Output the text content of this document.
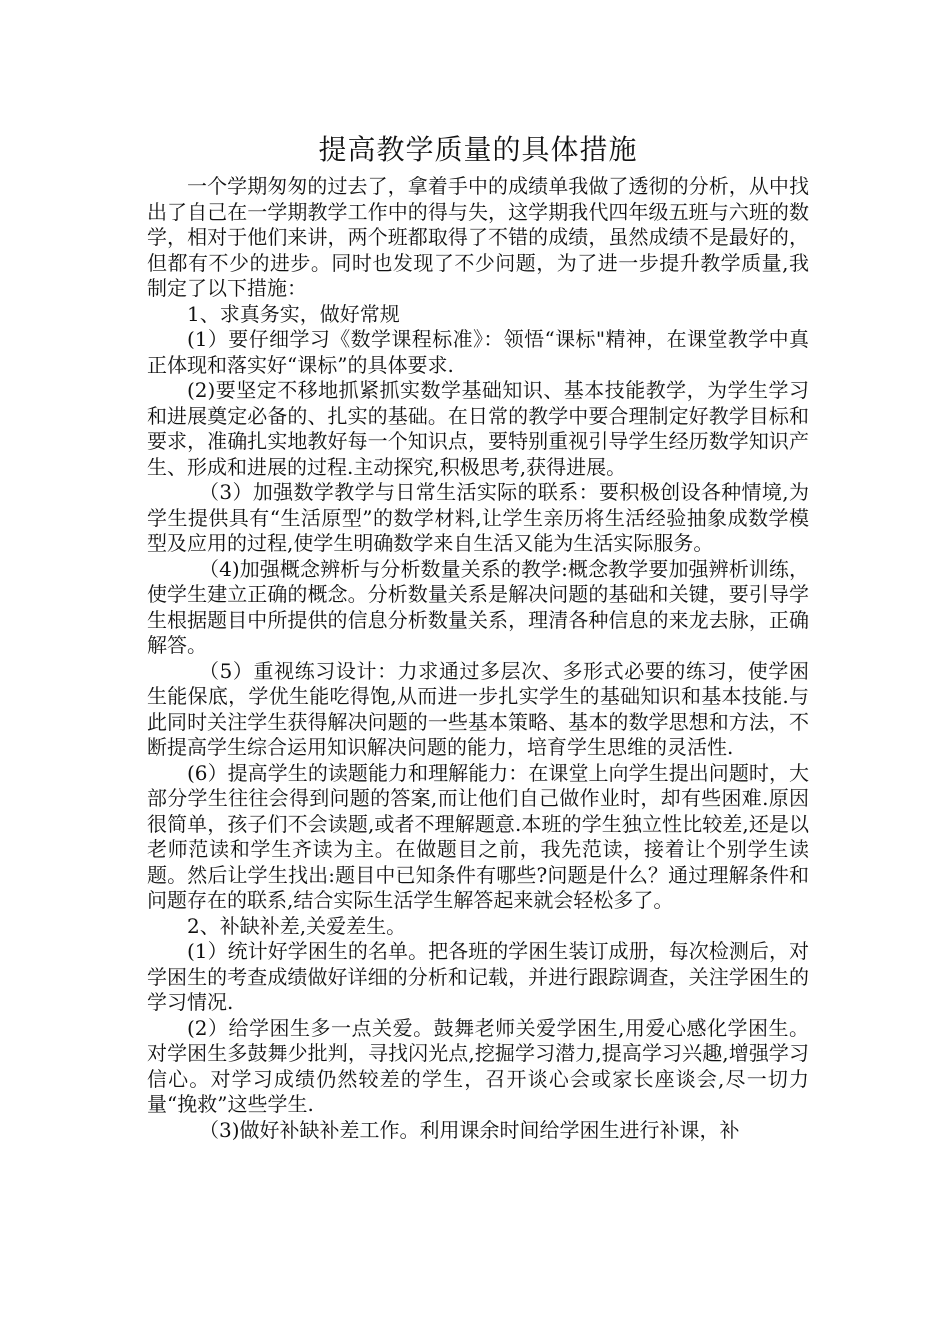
提高教学质量的具体措施

一个学期匆匆的过去了，拿着手中的成绩单我做了透彻的分析，从中找出了自己在一学期教学工作中的得与失，这学期我代四年级五班与六班的数学，相对于他们来讲，两个班都取得了不错的成绩，虽然成绩不是最好的，但都有不少的进步。同时也发现了不少问题，为了进一步提升教学质量,我制定了以下措施：

1、求真务实，做好常规

(1）要仔细学习《数学课程标准》：领悟“课标"精神，在课堂教学中真正体现和落实好“课标”的具体要求.

(2)要坚定不移地抓紧抓实数学基础知识、基本技能教学，为学生学习和进展奠定必备的、扎实的基础。在日常的教学中要合理制定好教学目标和要求，准确扎实地教好每一个知识点，要特别重视引导学生经历数学知识产生、形成和进展的过程.主动探究,积极思考,获得进展。

（3）加强数学教学与日常生活实际的联系：要积极创设各种情境,为学生提供具有“生活原型”的数学材料,让学生亲历将生活经验抽象成数学模型及应用的过程,使学生明确数学来自生活又能为生活实际服务。

（4)加强概念辨析与分析数量关系的教学:概念教学要加强辨析训练，使学生建立正确的概念。分析数量关系是解决问题的基础和关键，要引导学生根据题目中所提供的信息分析数量关系，理清各种信息的来龙去脉，正确解答。

（5）重视练习设计：力求通过多层次、多形式必要的练习，使学困生能保底，学优生能吃得饱,从而进一步扎实学生的基础知识和基本技能.与此同时关注学生获得解决问题的一些基本策略、基本的数学思想和方法，不断提高学生综合运用知识解决问题的能力，培育学生思维的灵活性.

(6）提高学生的读题能力和理解能力：在课堂上向学生提出问题时，大部分学生往往会得到问题的答案,而让他们自己做作业时，却有些困难.原因很简单，孩子们不会读题,或者不理解题意.本班的学生独立性比较差,还是以老师范读和学生齐读为主。在做题目之前，我先范读，接着让个别学生读题。然后让学生找出:题目中已知条件有哪些?问题是什么？通过理解条件和问题存在的联系,结合实际生活学生解答起来就会轻松多了。

2、补缺补差,关爱差生。

(1）统计好学困生的名单。把各班的学困生装订成册，每次检测后，对学困生的考查成绩做好详细的分析和记载，并进行跟踪调查，关注学困生的学习情况.

(2）给学困生多一点关爱。鼓舞老师关爱学困生,用爱心感化学困生。对学困生多鼓舞少批判，寻找闪光点,挖掘学习潜力,提高学习兴趣,增强学习信心。对学习成绩仍然较差的学生，召开谈心会或家长座谈会,尽一切力量“挽救”这些学生.

（3)做好补缺补差工作。利用课余时间给学困生进行补课，补
